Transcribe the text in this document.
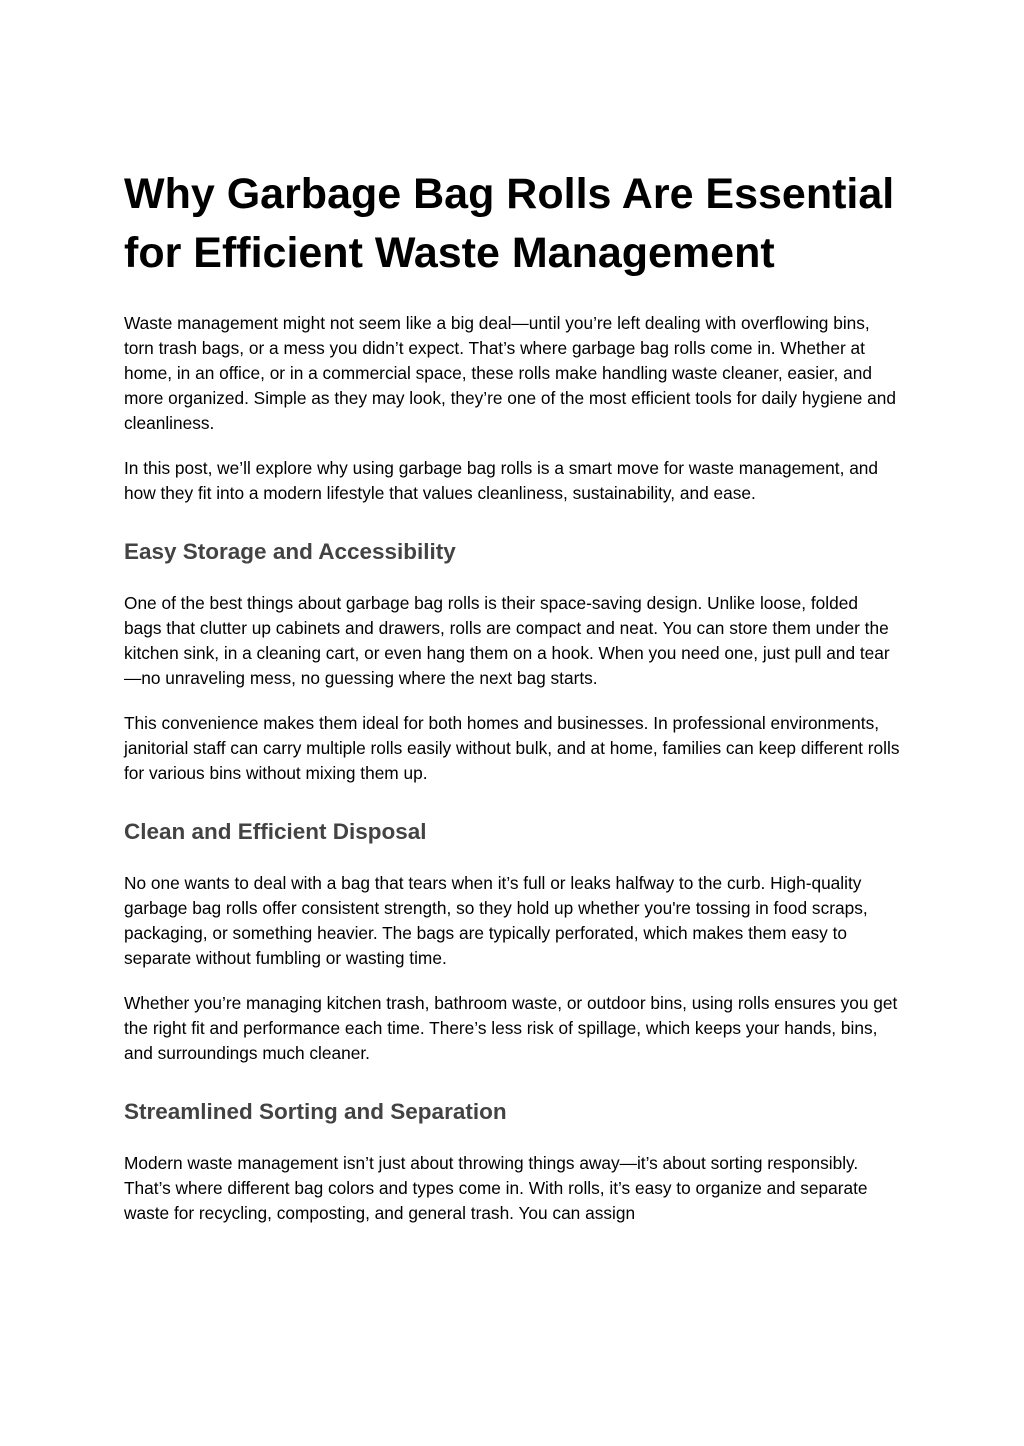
Why Garbage Bag Rolls Are Essential for Efficient Waste Management

Waste management might not seem like a big deal—until you’re left dealing with overflowing bins, torn trash bags, or a mess you didn’t expect. That’s where garbage bag rolls come in. Whether at home, in an office, or in a commercial space, these rolls make handling waste cleaner, easier, and more organized. Simple as they may look, they’re one of the most efficient tools for daily hygiene and cleanliness.

In this post, we’ll explore why using garbage bag rolls is a smart move for waste management, and how they fit into a modern lifestyle that values cleanliness, sustainability, and ease.

Easy Storage and Accessibility

One of the best things about garbage bag rolls is their space-saving design. Unlike loose, folded bags that clutter up cabinets and drawers, rolls are compact and neat. You can store them under the kitchen sink, in a cleaning cart, or even hang them on a hook. When you need one, just pull and tear—no unraveling mess, no guessing where the next bag starts.

This convenience makes them ideal for both homes and businesses. In professional environments, janitorial staff can carry multiple rolls easily without bulk, and at home, families can keep different rolls for various bins without mixing them up.

Clean and Efficient Disposal

No one wants to deal with a bag that tears when it’s full or leaks halfway to the curb. High-quality garbage bag rolls offer consistent strength, so they hold up whether you're tossing in food scraps, packaging, or something heavier. The bags are typically perforated, which makes them easy to separate without fumbling or wasting time.

Whether you’re managing kitchen trash, bathroom waste, or outdoor bins, using rolls ensures you get the right fit and performance each time. There’s less risk of spillage, which keeps your hands, bins, and surroundings much cleaner.

Streamlined Sorting and Separation

Modern waste management isn’t just about throwing things away—it’s about sorting responsibly. That’s where different bag colors and types come in. With rolls, it’s easy to organize and separate waste for recycling, composting, and general trash. You can assign
